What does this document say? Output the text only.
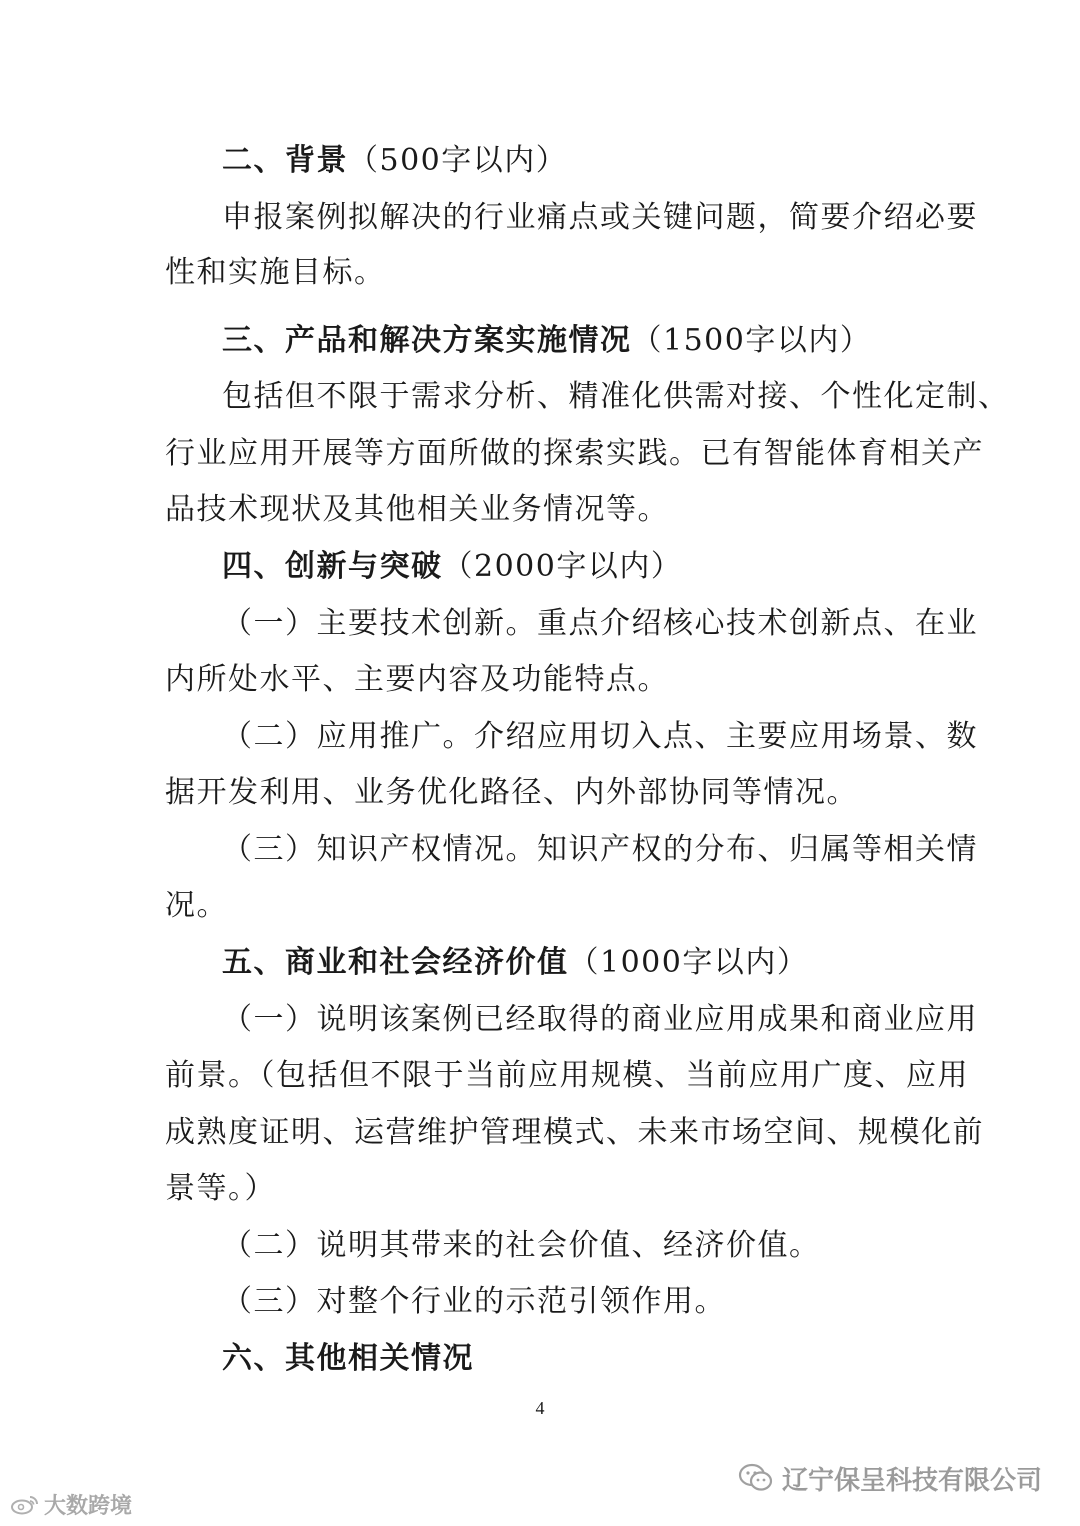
二、背景（500字以内）
申报案例拟解决的行业痛点或关键问题，简要介绍必要
性和实施目标。
三、产品和解决方案实施情况（1500字以内）
包括但不限于需求分析、精准化供需对接、个性化定制、
行业应用开展等方面所做的探索实践。已有智能体育相关产
品技术现状及其他相关业务情况等。
四、创新与突破（2000字以内）
（一）主要技术创新。重点介绍核心技术创新点、在业
内所处水平、主要内容及功能特点。
（二）应用推广。介绍应用切入点、主要应用场景、数
据开发利用、业务优化路径、内外部协同等情况。
（三）知识产权情况。知识产权的分布、归属等相关情
况。
五、商业和社会经济价值（1000字以内）
（一）说明该案例已经取得的商业应用成果和商业应用
前景。（包括但不限于当前应用规模、当前应用广度、应用
成熟度证明、运营维护管理模式、未来市场空间、规模化前
景等。）
（二）说明其带来的社会价值、经济价值。
（三）对整个行业的示范引领作用。
六、其他相关情况
4
辽宁保呈科技有限公司
大数跨境
